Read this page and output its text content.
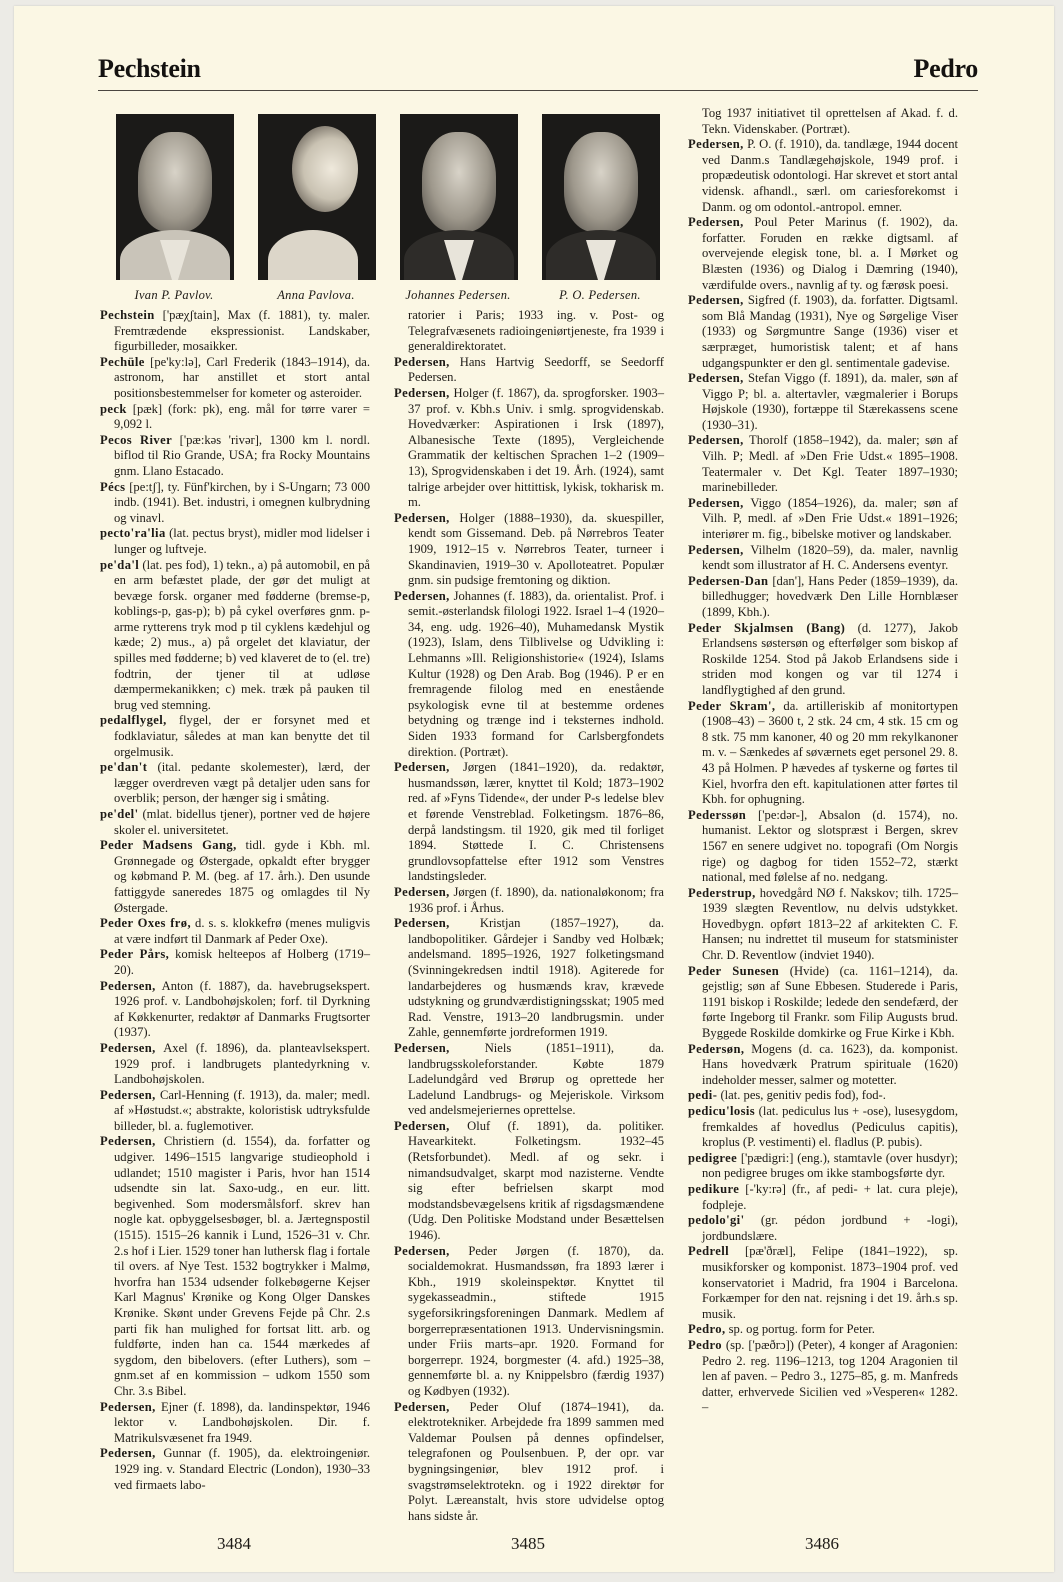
Pechstein	Pedro
Ivan P. Pavlov.	Anna Pavlova.	Johannes Pedersen.	P. O. Pedersen.

Pechstein ['pæχʃtain], Max (f. 1881), ty. maler. Fremtrædende ekspressionist. Landskaber, figurbilleder, mosaikker.

Pechüle [pe'ky:lə], Carl Frederik (1843–1914), da. astronom, har anstillet et stort antal positionsbestemmelser for kometer og asteroider.

peck [pæk] (fork: pk), eng. mål for tørre varer = 9,092 l.

Pecos River ['pæ:kəs 'rivər], 1300 km l. nordl. biflod til Rio Grande, USA; fra Rocky Mountains gnm. Llano Estacado.

Pécs [pe:tʃ], ty. Fünf'kirchen, by i S-Ungarn; 73 000 indb. (1941). Bet. industri, i omegnen kulbrydning og vinavl.

pecto'ra'lia (lat. pectus bryst), midler mod lidelser i lunger og luftveje.

pe'da'l (lat. pes fod), 1) tekn., a) på automobil, en på en arm befæstet plade, der gør det muligt at bevæge forsk. organer med fødderne (bremse-p, koblings-p, gas-p); b) på cykel overføres gnm. p-arme rytterens tryk mod p til cyklens kædehjul og kæde; 2) mus., a) på orgelet det klaviatur, der spilles med fødderne; b) ved klaveret de to (el. tre) fodtrin, der tjener til at udløse dæmpermekanikken; c) mek. træk på pauken til brug ved stemning.

pedalflygel, flygel, der er forsynet med et fodklaviatur, således at man kan benytte det til orgelmusik.

pe'dan't (ital. pedante skolemester), lærd, der lægger overdreven vægt på detaljer uden sans for overblik; person, der hænger sig i småting.

pe'del' (mlat. bidellus tjener), portner ved de højere skoler el. universitetet.

Peder Madsens Gang, tidl. gyde i Kbh. ml. Grønnegade og Østergade, opkaldt efter brygger og købmand P. M. (beg. af 17. årh.). Den usunde fattiggyde saneredes 1875 og omlagdes til Ny Østergade.

Peder Oxes frø, d. s. s. klokkefrø (menes muligvis at være indført til Danmark af Peder Oxe).

Peder Pårs, komisk helteepos af Holberg (1719–20).

Pedersen, Anton (f. 1887), da. havebrugsekspert. 1926 prof. v. Landbohøjskolen; forf. til Dyrkning af Køkkenurter, redaktør af Danmarks Frugtsorter (1937).

Pedersen, Axel (f. 1896), da. planteavlsekspert. 1929 prof. i landbrugets plantedyrkning v. Landbohøjskolen.

Pedersen, Carl-Henning (f. 1913), da. maler; medl. af »Høstudst.«; abstrakte, koloristisk udtryksfulde billeder, bl. a. fuglemotiver.

Pedersen, Christiern (d. 1554), da. forfatter og udgiver. 1496–1515 langvarige studieophold i udlandet; 1510 magister i Paris, hvor han 1514 udsendte sin lat. Saxo-udg., en eur. litt. begivenhed. Som modersmålsforf. skrev han nogle kat. opbyggelsesbøger, bl. a. Jærtegnspostil (1515). 1515–26 kannik i Lund, 1526–31 v. Chr. 2.s hof i Lier. 1529 toner han luthersk flag i fortale til overs. af Nye Test. 1532 bogtrykker i Malmø, hvorfra han 1534 udsender folkebøgerne Kejser Karl Magnus' Krønike og Kong Olger Danskes Krønike. Skønt under Grevens Fejde på Chr. 2.s parti fik han mulighed for fortsat litt. arb. og fuldførte, inden han ca. 1544 mærkedes af sygdom, den bibelovers. (efter Luthers), som – gnm.set af en kommission – udkom 1550 som Chr. 3.s Bibel.

Pedersen, Ejner (f. 1898), da. landinspektør, 1946 lektor v. Landbohøjskolen. Dir. f. Matrikulsvæsenet fra 1949.

Pedersen, Gunnar (f. 1905), da. elektroingeniør. 1929 ing. v. Standard Electric (London), 1930–33 ved firmaets labo-

ratorier i Paris; 1933 ing. v. Post- og Telegrafvæsenets radioingeniørtjeneste, fra 1939 i generaldirektoratet.

Pedersen, Hans Hartvig Seedorff, se Seedorff Pedersen.

Pedersen, Holger (f. 1867), da. sprogforsker. 1903–37 prof. v. Kbh.s Univ. i smlg. sprogvidenskab. Hovedværker: Aspirationen i Irsk (1897), Albanesische Texte (1895), Vergleichende Grammatik der keltischen Sprachen 1–2 (1909–13), Sprogvidenskaben i det 19. Årh. (1924), samt talrige arbejder over hittittisk, lykisk, tokharisk m. m.

Pedersen, Holger (1888–1930), da. skuespiller, kendt som Gissemand. Deb. på Nørrebros Teater 1909, 1912–15 v. Nørrebros Teater, turneer i Skandinavien, 1919–30 v. Apolloteatret. Populær gnm. sin pudsige fremtoning og diktion.

Pedersen, Johannes (f. 1883), da. orientalist. Prof. i semit.-østerlandsk filologi 1922. Israel 1–4 (1920–34, eng. udg. 1926–40), Muhamedansk Mystik (1923), Islam, dens Tilblivelse og Udvikling i: Lehmanns »Ill. Religionshistorie« (1924), Islams Kultur (1928) og Den Arab. Bog (1946). P er en fremragende filolog med en enestående psykologisk evne til at bestemme ordenes betydning og trænge ind i teksternes indhold. Siden 1933 formand for Carlsbergfondets direktion. (Portræt).

Pedersen, Jørgen (1841–1920), da. redaktør, husmandssøn, lærer, knyttet til Kold; 1873–1902 red. af »Fyns Tidende«, der under P-s ledelse blev et førende Venstreblad. Folketingsm. 1876–86, derpå landstingsm. til 1920, gik med til forliget 1894. Støttede I. C. Christensens grundlovsopfattelse efter 1912 som Venstres landstingsleder.

Pedersen, Jørgen (f. 1890), da. nationaløkonom; fra 1936 prof. i Århus.

Pedersen, Kristjan (1857–1927), da. landbopolitiker. Gårdejer i Sandby ved Holbæk; andelsmand. 1895–1926, 1927 folketingsmand (Svinningekredsen indtil 1918). Agiterede for landarbejderes og husmænds krav, krævede udstykning og grundværdistigningsskat; 1905 med Rad. Venstre, 1913–20 landbrugsmin. under Zahle, gennemførte jordreformen 1919.

Pedersen, Niels (1851–1911), da. landbrugsskoleforstander. Købte 1879 Ladelundgård ved Brørup og oprettede her Ladelund Landbrugs- og Mejeriskole. Virksom ved andelsmejeriernes oprettelse.

Pedersen, Oluf (f. 1891), da. politiker. Havearkitekt. Folketingsm. 1932–45 (Retsforbundet). Medl. af og sekr. i nimandsudvalget, skarpt mod nazisterne. Vendte sig efter befrielsen skarpt mod modstandsbevægelsens kritik af rigsdagsmændene (Udg. Den Politiske Modstand under Besættelsen 1946).

Pedersen, Peder Jørgen (f. 1870), da. socialdemokrat. Husmandssøn, fra 1893 lærer i Kbh., 1919 skoleinspektør. Knyttet til sygekasseadmin., stiftede 1915 sygeforsikringsforeningen Danmark. Medlem af borgerrepræsentationen 1913. Undervisningsmin. under Friis marts–apr. 1920. Formand for borgerrepr. 1924, borgmester (4. afd.) 1925–38, gennemførte bl. a. ny Knippelsbro (færdig 1937) og Kødbyen (1932).

Pedersen, Peder Oluf (1874–1941), da. elektrotekniker. Arbejdede fra 1899 sammen med Valdemar Poulsen på dennes opfindelser, telegrafonen og Poulsenbuen. P, der opr. var bygningsingeniør, blev 1912 prof. i svagstrømselektrotekn. og i 1922 direktør for Polyt. Læreanstalt, hvis store udvidelse optog hans sidste år.

Tog 1937 initiativet til oprettelsen af Akad. f. d. Tekn. Videnskaber. (Portræt).

Pedersen, P. O. (f. 1910), da. tandlæge, 1944 docent ved Danm.s Tandlægehøjskole, 1949 prof. i propædeutisk odontologi. Har skrevet et stort antal vidensk. afhandl., særl. om cariesforekomst i Danm. og om odontol.-antropol. emner.

Pedersen, Poul Peter Marinus (f. 1902), da. forfatter. Foruden en række digtsaml. af overvejende elegisk tone, bl. a. I Mørket og Blæsten (1936) og Dialog i Dæmring (1940), værdifulde overs., navnlig af ty. og færøsk poesi.

Pedersen, Sigfred (f. 1903), da. forfatter. Digtsaml. som Blå Mandag (1931), Nye og Sørgelige Viser (1933) og Sørgmuntre Sange (1936) viser et særpræget, humoristisk talent; et af hans udgangspunkter er den gl. sentimentale gadevise.

Pedersen, Stefan Viggo (f. 1891), da. maler, søn af Viggo P; bl. a. altertavler, vægmalerier i Borups Højskole (1930), fortæppe til Stærekassens scene (1930–31).

Pedersen, Thorolf (1858–1942), da. maler; søn af Vilh. P; Medl. af »Den Frie Udst.« 1895–1908. Teatermaler v. Det Kgl. Teater 1897–1930; marinebilleder.

Pedersen, Viggo (1854–1926), da. maler; søn af Vilh. P, medl. af »Den Frie Udst.« 1891–1926; interiører m. fig., bibelske motiver og landskaber.

Pedersen, Vilhelm (1820–59), da. maler, navnlig kendt som illustrator af H. C. Andersens eventyr.

Pedersen-Dan [dan'], Hans Peder (1859–1939), da. billedhugger; hovedværk Den Lille Hornblæser (1899, Kbh.).

Peder Skjalmsen (Bang) (d. 1277), Jakob Erlandsens søstersøn og efterfølger som biskop af Roskilde 1254. Stod på Jakob Erlandsens side i striden mod kongen og var til 1274 i landflygtighed af den grund.

Peder Skram', da. artilleriskib af monitortypen (1908–43) – 3600 t, 2 stk. 24 cm, 4 stk. 15 cm og 8 stk. 75 mm kanoner, 40 og 20 mm rekylkanoner m. v. – Sænkedes af søværnets eget personel 29. 8. 43 på Holmen. P hævedes af tyskerne og førtes til Kiel, hvorfra den eft. kapitulationen atter førtes til Kbh. for ophugning.

Pederssøn ['pe:dər-], Absalon (d. 1574), no. humanist. Lektor og slotspræst i Bergen, skrev 1567 en senere udgivet no. topografi (Om Norgis rige) og dagbog for tiden 1552–72, stærkt national, med følelse af no. nedgang.

Pederstrup, hovedgård NØ f. Nakskov; tilh. 1725–1939 slægten Reventlow, nu delvis udstykket. Hovedbygn. opført 1813–22 af arkitekten C. F. Hansen; nu indrettet til museum for statsminister Chr. D. Reventlow (indviet 1940).

Peder Sunesen (Hvide) (ca. 1161–1214), da. gejstlig; søn af Sune Ebbesen. Studerede i Paris, 1191 biskop i Roskilde; ledede den sendefærd, der førte Ingeborg til Frankr. som Filip Augusts brud. Byggede Roskilde domkirke og Frue Kirke i Kbh.

Pedersøn, Mogens (d. ca. 1623), da. komponist. Hans hovedværk Pratrum spirituale (1620) indeholder messer, salmer og motetter.

pedi- (lat. pes, genitiv pedis fod), fod-.

pedicu'losis (lat. pediculus lus + -ose), lusesygdom, fremkaldes af hovedlus (Pediculus capitis), kroplus (P. vestimenti) el. fladlus (P. pubis).

pedigree ['pædigri:] (eng.), stamtavle (over husdyr); non pedigree bruges om ikke stambogsførte dyr.

pedikure [-'ky:rə] (fr., af pedi- + lat. cura pleje), fodpleje.

pedolo'gi' (gr. pédon jordbund + -logi), jordbundslære.

Pedrell [pæ'ðræl], Felipe (1841–1922), sp. musikforsker og komponist. 1873–1904 prof. ved konservatoriet i Madrid, fra 1904 i Barcelona. Forkæmper for den nat. rejsning i det 19. årh.s sp. musik.

Pedro, sp. og portug. form for Peter.

Pedro (sp. ['pæðrɔ]) (Peter), 4 konger af Aragonien: Pedro 2. reg. 1196–1213, tog 1204 Aragonien til len af paven. – Pedro 3., 1275–85, g. m. Manfreds datter, erhvervede Sicilien ved »Vesperen« 1282. –

3484	3485	3486
